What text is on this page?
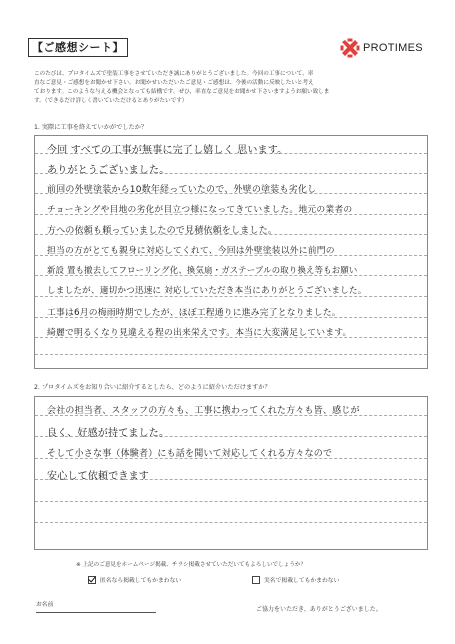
【ご感想シート】	PROTIMES
このたびは、プロタイムズで塗装工事をさせていただき誠にありがとうございました。今回の工事について、率
直なご意見・ご感想をお聞かせ下さい。お聞かせいただいたご意見・ご感想は、今後の活動に反映したいと考え
ております。このような与える機会となっても結構です。ぜひ、率直なご意見をお聞かせ下さいますようお願い致しま
す。（できるだけ詳しく書いていただけるとありがたいです）
1. 実際に工事を終えていかがでしたか？
今回 すべての工事が無事に完了し嬉しく 思います。
ありがとうございました。
前回の外壁塗装から10数年経っていたので、外壁の塗装も劣化し
チョーキングや目地の劣化が目立つ様になってきていました。地元の業者の
方への依頼も頼っていましたので見積依頼をしました。
担当の方がとても親身に対応してくれて、今回は外壁塗装以外に前門の
新設 置も撤去してフローリング化、換気扇・ガステーブルの取り換え等もお願い
しましたが、適切かつ迅速に 対応していただき本当にありがとうございました。
工事は6月の梅雨時期でしたが、ほぼ工程通りに進み完了となりました。
綺麗で明るくなり見違える程の出来栄えです。本当に大変満足しています。
2. プロタイムズをお知り合いに紹介するとしたら、どのように紹介いただけますか？
会社の担当者、スタッフの方々も、工事に携わってくれた方々も皆、感じが
良く、好感が持てました。
そして小さな事（体験者）にも話を聞いて対応してくれる方々なので
安心して依頼できます
※ 上記のご意見をホームページ掲載、チラシ掲載させていただいてもよろしいでしょうか？
匿名なら掲載してもかまわない	実名で掲載してもかまわない
お名前
ご協力をいただき、ありがとうございました。
